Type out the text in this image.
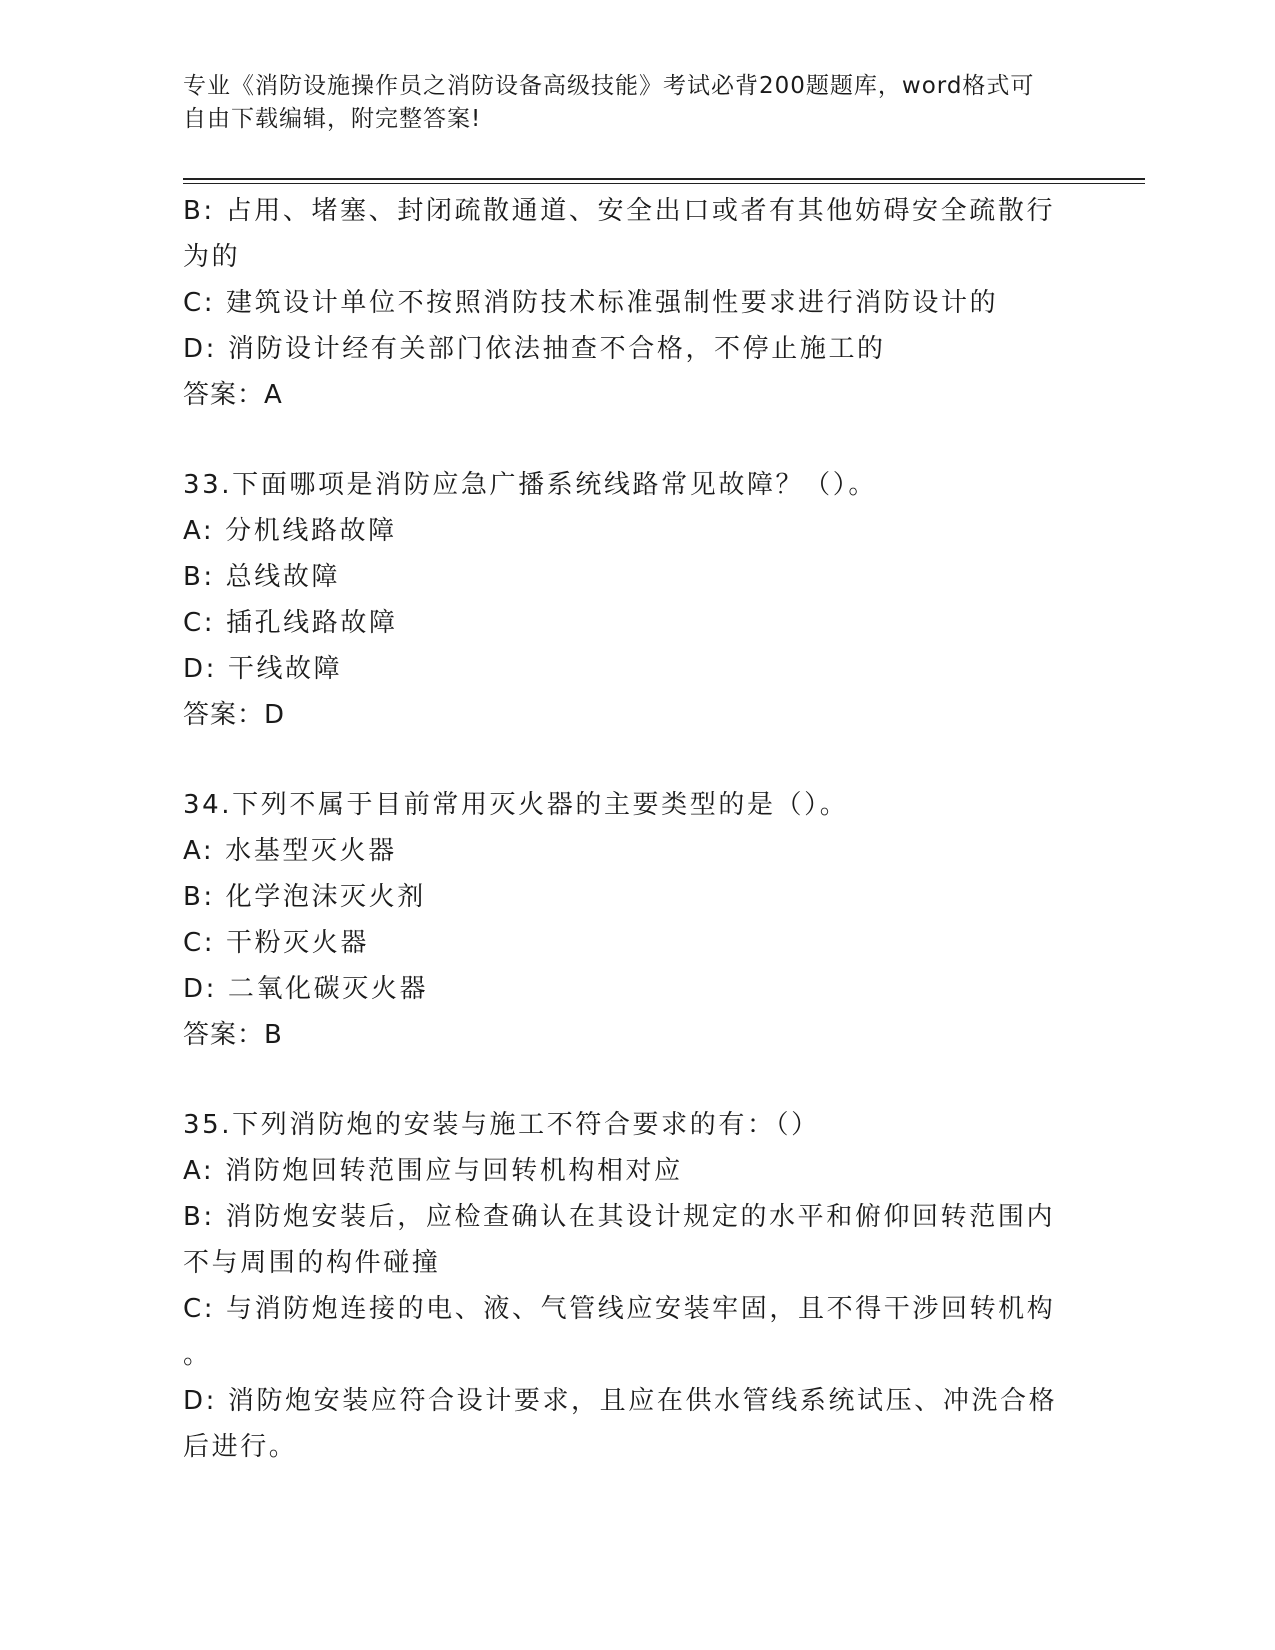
专业《消防设施操作员之消防设备高级技能》考试必背200题题库，word格式可
自由下载编辑，附完整答案!
B: 占用、堵塞、封闭疏散通道、安全出口或者有其他妨碍安全疏散行
为的
C: 建筑设计单位不按照消防技术标准强制性要求进行消防设计的
D: 消防设计经有关部门依法抽查不合格，不停止施工的
答案：A
33.下面哪项是消防应急广播系统线路常见故障？（）。
A: 分机线路故障
B: 总线故障
C: 插孔线路故障
D: 干线故障
答案：D
34.下列不属于目前常用灭火器的主要类型的是（）。
A: 水基型灭火器
B: 化学泡沫灭火剂
C: 干粉灭火器
D: 二氧化碳灭火器
答案：B
35.下列消防炮的安装与施工不符合要求的有：（）
A: 消防炮回转范围应与回转机构相对应
B: 消防炮安装后，应检查确认在其设计规定的水平和俯仰回转范围内
不与周围的构件碰撞
C: 与消防炮连接的电、液、气管线应安装牢固，且不得干涉回转机构
。
D: 消防炮安装应符合设计要求，且应在供水管线系统试压、冲洗合格
后进行。
